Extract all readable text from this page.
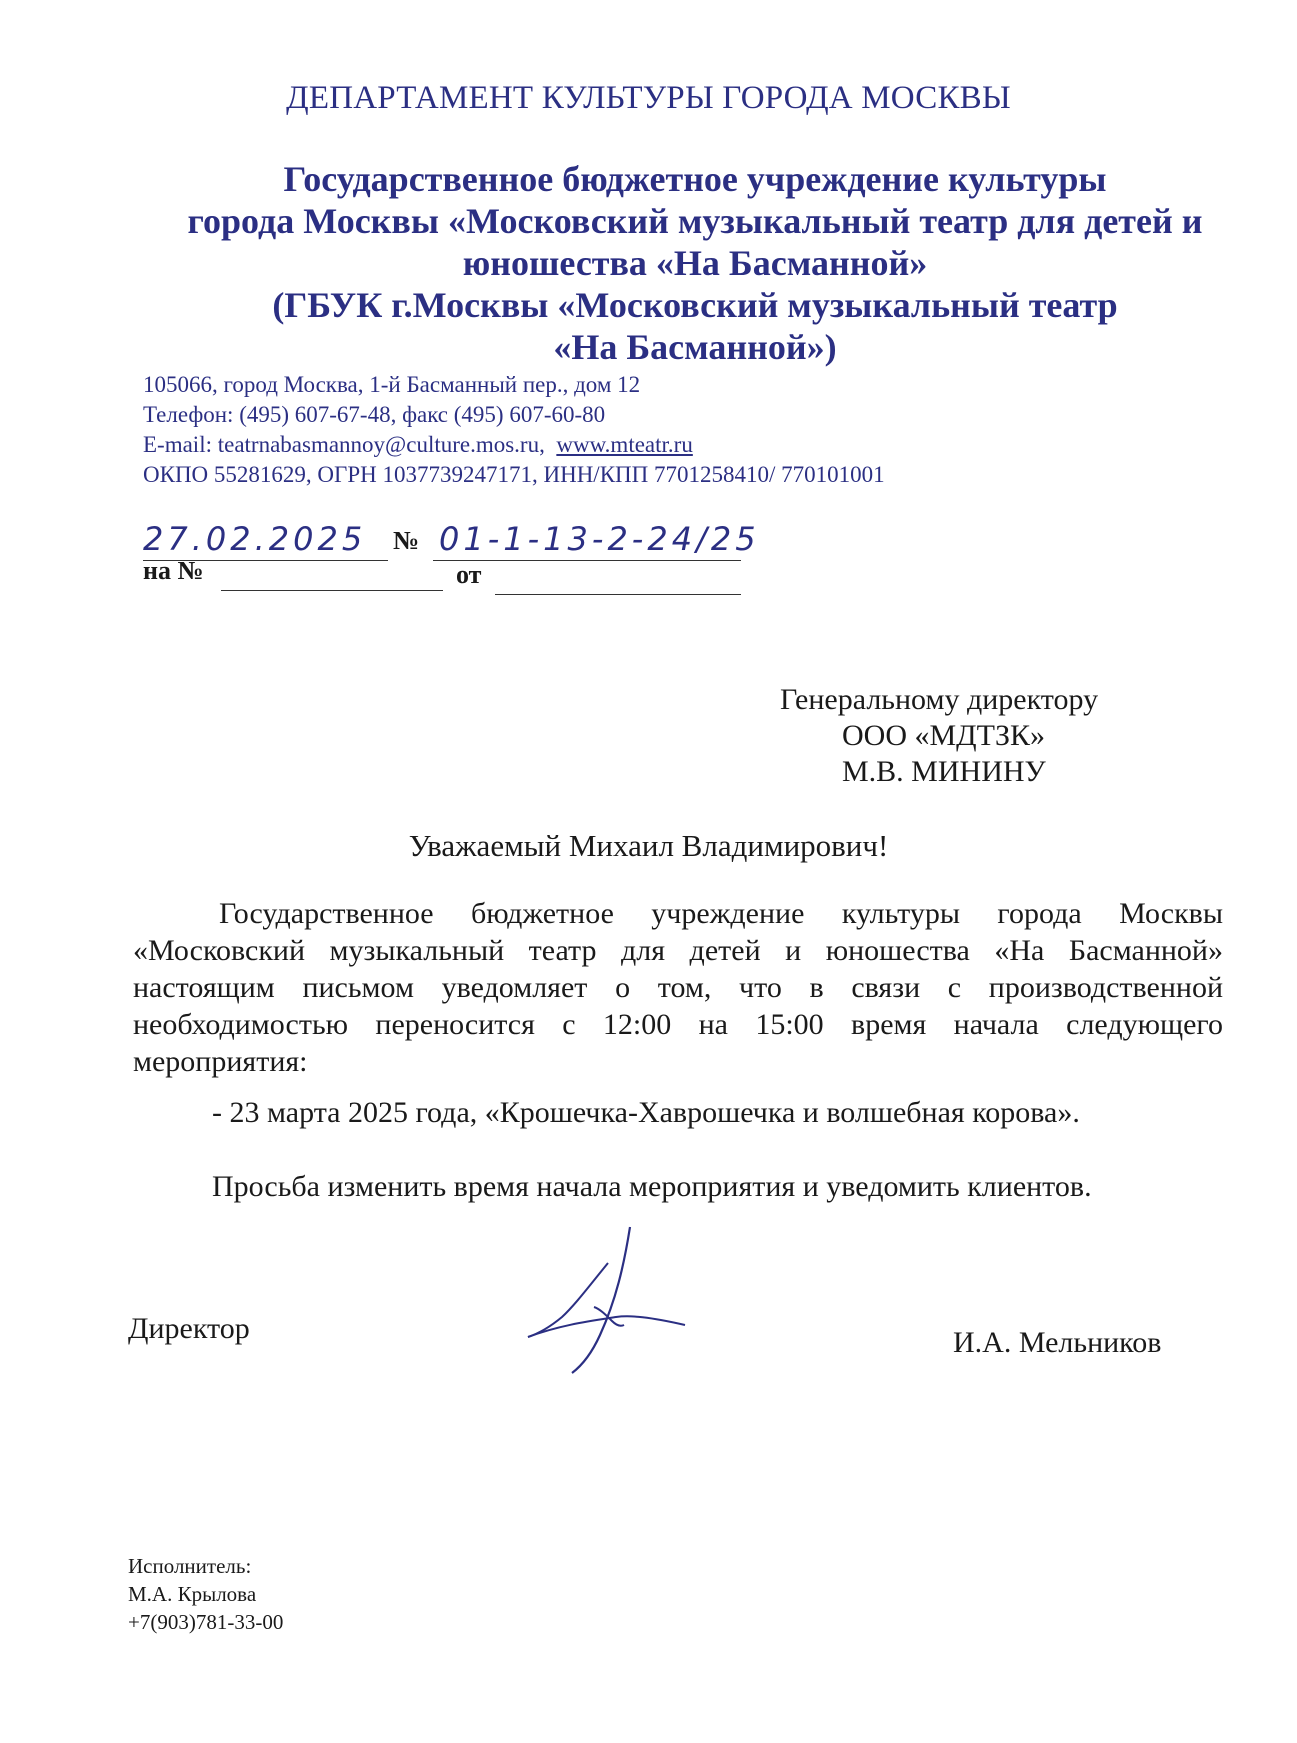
ДЕПАРТАМЕНТ КУЛЬТУРЫ ГОРОДА МОСКВЫ
Государственное бюджетное учреждение культуры
города Москвы «Московский музыкальный театр для детей и
юношества «На Басманной»
(ГБУК г.Москвы «Московский музыкальный театр
«На Басманной»)
105066, город Москва, 1-й Басманный пер., дом 12
Телефон: (495) 607-67-48, факс (495) 607-60-80
E-mail: teatrnabasmannoy@culture.mos.ru, www.mteatr.ru
ОКПО 55281629, ОГРН 1037739247171, ИНН/КПП 7701258410/ 770101001
27.02.2025 № 01-1-13-2-24/25
на №	от
Генеральному директору
ООО «МДТЗК»
М.В. МИНИНУ
Уважаемый Михаил Владимирович!
Государственное бюджетное учреждение культуры города Москвы «Московский музыкальный театр для детей и юношества «На Басманной» настоящим письмом уведомляет о том, что в связи с производственной необходимостью переносится с 12:00 на 15:00 время начала следующего мероприятия:
- 23 марта 2025 года, «Крошечка-Хаврошечка и волшебная корова».
Просьба изменить время начала мероприятия и уведомить клиентов.
Директор	И.А. Мельников
Исполнитель:
М.А. Крылова
+7(903)781-33-00
